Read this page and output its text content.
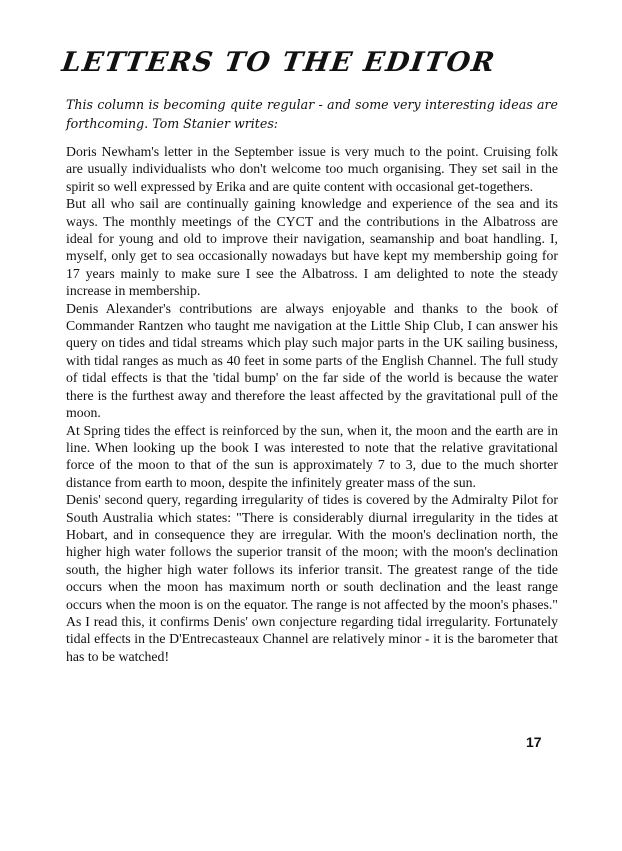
LETTERS TO THE EDITOR
This column is becoming quite regular - and some very interesting ideas are forthcoming. Tom Stanier writes:

Doris Newham's letter in the September issue is very much to the point. Cruising folk are usually individualists who don't welcome too much organising. They set sail in the spirit so well expressed by Erika and are quite content with occasional get-togethers.

But all who sail are continually gaining knowledge and experience of the sea and its ways. The monthly meetings of the CYCT and the contributions in the Albatross are ideal for young and old to improve their navigation, seamanship and boat handling. I, myself, only get to sea occasionally nowadays but have kept my membership going for 17 years mainly to make sure I see the Albatross. I am delighted to note the steady increase in membership.

Denis Alexander's contributions are always enjoyable and thanks to the book of Commander Rantzen who taught me navigation at the Little Ship Club, I can answer his query on tides and tidal streams which play such major parts in the UK sailing business, with tidal ranges as much as 40 feet in some parts of the English Channel. The full study of tidal effects is that the 'tidal bump' on the far side of the world is because the water there is the furthest away and therefore the least affected by the gravitational pull of the moon.

At Spring tides the effect is reinforced by the sun, when it, the moon and the earth are in line. When looking up the book I was interested to note that the relative gravitational force of the moon to that of the sun is approximately 7 to 3, due to the much shorter distance from earth to moon, despite the infinitely greater mass of the sun.

Denis' second query, regarding irregularity of tides is covered by the Admiralty Pilot for South Australia which states: "There is considerably diurnal irregularity in the tides at Hobart, and in consequence they are irregular. With the moon's declination north, the higher high water follows the superior transit of the moon; with the moon's declination south, the higher high water follows its inferior transit. The greatest range of the tide occurs when the moon has maximum north or south declination and the least range occurs when the moon is on the equator. The range is not affected by the moon's phases."

As I read this, it confirms Denis' own conjecture regarding tidal irregularity. Fortunately tidal effects in the D'Entrecasteaux Channel are relatively minor - it is the barometer that has to be watched!

17
